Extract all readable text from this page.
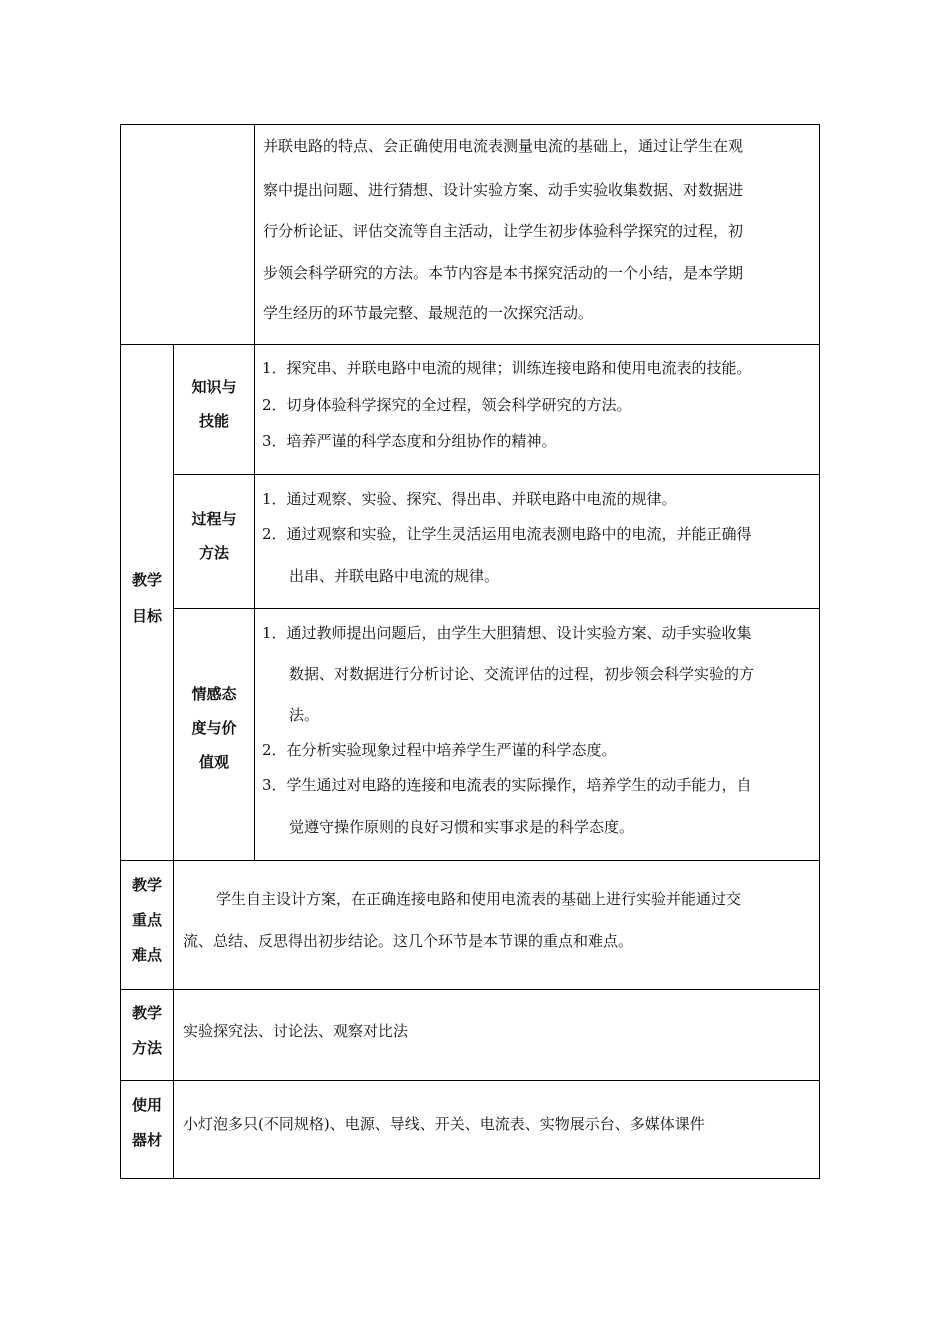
并联电路的特点、会正确使用电流表测量电流的基础上，通过让学生在观
察中提出问题、进行猜想、设计实验方案、动手实验收集数据、对数据进
行分析论证、评估交流等自主活动，让学生初步体验科学探究的过程，初
步领会科学研究的方法。本节内容是本书探究活动的一个小结，是本学期
学生经历的环节最完整、最规范的一次探究活动。
教学
目标
知识与
技能
1．探究串、并联电路中电流的规律；训练连接电路和使用电流表的技能。
2．切身体验科学探究的全过程，领会科学研究的方法。
3．培养严谨的科学态度和分组协作的精神。
过程与
方法
1．通过观察、实验、探究、得出串、并联电路中电流的规律。
2．通过观察和实验，让学生灵活运用电流表测电路中的电流，并能正确得
出串、并联电路中电流的规律。
情感态
度与价
值观
1．通过教师提出问题后，由学生大胆猜想、设计实验方案、动手实验收集
数据、对数据进行分析讨论、交流评估的过程，初步领会科学实验的方
法。
2．在分析实验现象过程中培养学生严谨的科学态度。
3．学生通过对电路的连接和电流表的实际操作，培养学生的动手能力，自
觉遵守操作原则的良好习惯和实事求是的科学态度。
教学
重点
难点
学生自主设计方案，在正确连接电路和使用电流表的基础上进行实验并能通过交
流、总结、反思得出初步结论。这几个环节是本节课的重点和难点。
教学
方法
实验探究法、讨论法、观察对比法
使用
器材
小灯泡多只(不同规格)、电源、导线、开关、电流表、实物展示台、多媒体课件
